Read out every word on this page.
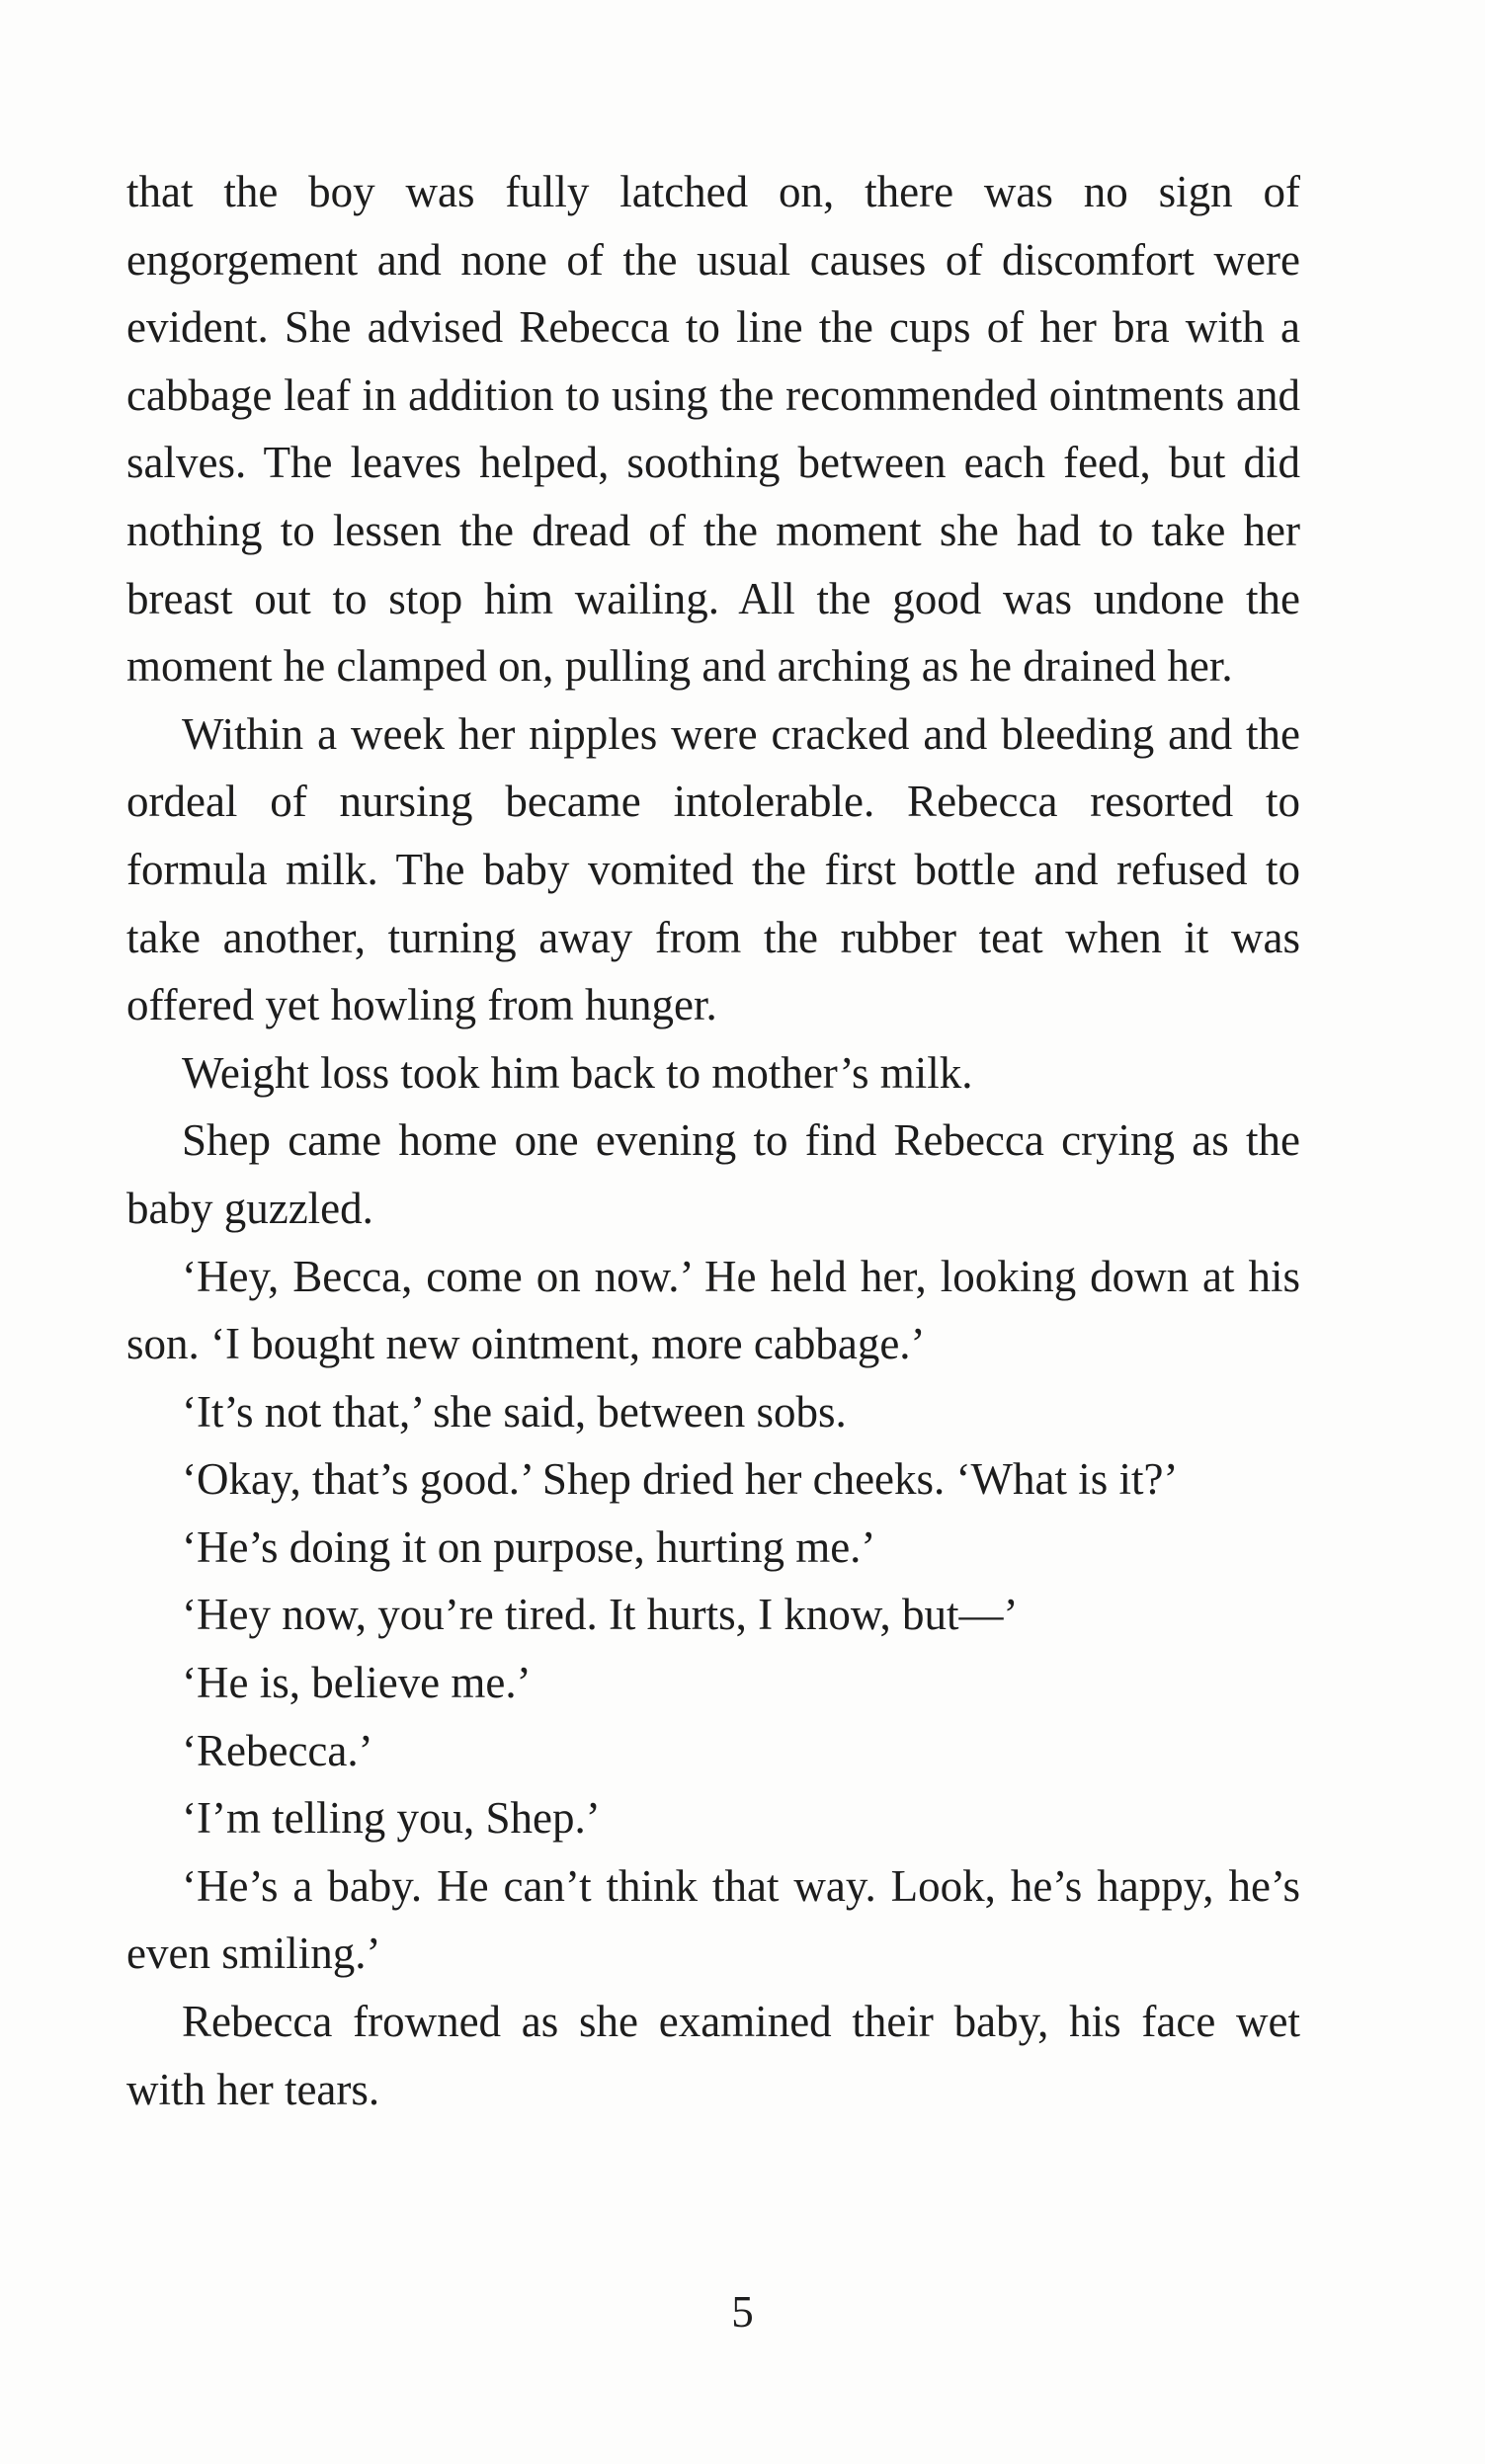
that the boy was fully latched on, there was no sign of engorgement and none of the usual causes of discomfort were evident. She advised Rebecca to line the cups of her bra with a cabbage leaf in addition to using the recommended ointments and salves. The leaves helped, soothing between each feed, but did nothing to lessen the dread of the moment she had to take her breast out to stop him wailing. All the good was undone the moment he clamped on, pulling and arching as he drained her.

Within a week her nipples were cracked and bleeding and the ordeal of nursing became intolerable. Rebecca resorted to formula milk. The baby vomited the first bottle and refused to take another, turning away from the rubber teat when it was offered yet howling from hunger.

Weight loss took him back to mother’s milk.

Shep came home one evening to find Rebecca crying as the baby guzzled.

‘Hey, Becca, come on now.’ He held her, looking down at his son. ‘I bought new ointment, more cabbage.’

‘It’s not that,’ she said, between sobs.

‘Okay, that’s good.’ Shep dried her cheeks. ‘What is it?’

‘He’s doing it on purpose, hurting me.’

‘Hey now, you’re tired. It hurts, I know, but—’

‘He is, believe me.’

‘Rebecca.’

‘I’m telling you, Shep.’

‘He’s a baby. He can’t think that way. Look, he’s happy, he’s even smiling.’

Rebecca frowned as she examined their baby, his face wet with her tears.

5
